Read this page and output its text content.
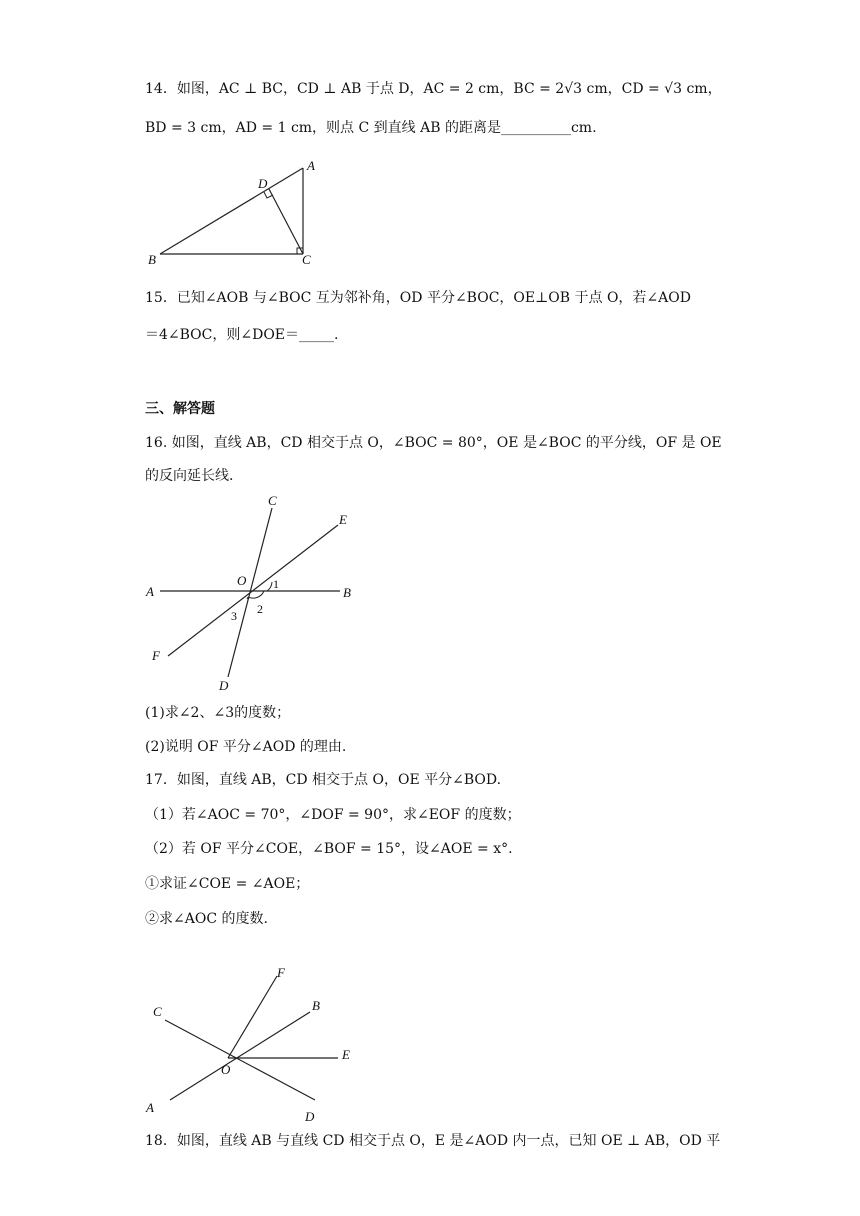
14．如图，AC ⊥ BC，CD ⊥ AB 于点 D，AC = 2 cm，BC = 2√3 cm，CD = √3 cm，
BD = 3 cm，AD = 1 cm，则点 C 到直线 AB 的距离是__________cm.
A
B	C
D
15．已知∠AOB 与∠BOC 互为邻补角，OD 平分∠BOC，OE⊥OB 于点 O，若∠AOD
＝4∠BOC，则∠DOE＝_____.
三、解答题
16. 如图，直线 AB，CD 相交于点 O，∠BOC = 80°，OE 是∠BOC 的平分线，OF 是 OE
的反向延长线.
A	B
C
D
E
F
O 1
2
3
(1)求∠2、∠3的度数；
(2)说明 OF 平分∠AOD 的理由.
17．如图，直线 AB，CD 相交于点 O，OE 平分∠BOD.
（1）若∠AOC = 70°，∠DOF = 90°，求∠EOF 的度数；
（2）若 OF 平分∠COE，∠BOF = 15°，设∠AOE = x°.
①求证∠COE = ∠AOE；
②求∠AOC 的度数.
F
B
E
C
A
D
O
18．如图，直线 AB 与直线 CD 相交于点 O，E 是∠AOD 内一点，已知 OE ⊥ AB，OD 平
